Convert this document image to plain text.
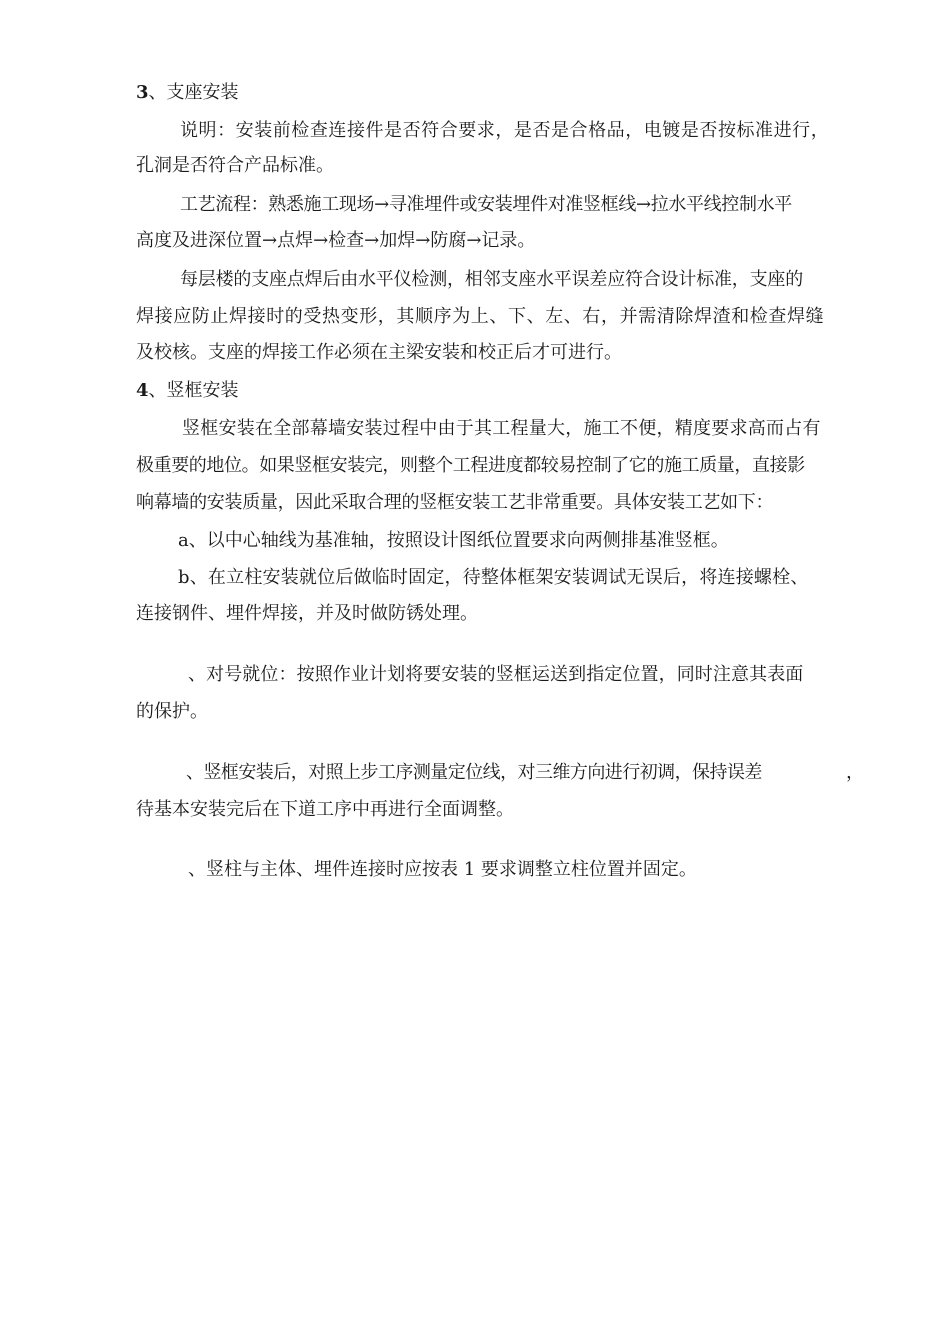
3、支座安装
说明：安装前检查连接件是否符合要求，是否是合格品，电镀是否按标准进行，
孔洞是否符合产品标准。
工艺流程：熟悉施工现场→寻准埋件或安装埋件对准竖框线→拉水平线控制水平
高度及进深位置→点焊→检查→加焊→防腐→记录。
每层楼的支座点焊后由水平仪检测，相邻支座水平误差应符合设计标准，支座的
焊接应防止焊接时的受热变形，其顺序为上、下、左、右，并需清除焊渣和检查焊缝
及校核。支座的焊接工作必须在主梁安装和校正后才可进行。
4、竖框安装
竖框安装在全部幕墙安装过程中由于其工程量大，施工不便，精度要求高而占有
极重要的地位。如果竖框安装完，则整个工程进度都较易控制了它的施工质量，直接影
响幕墙的安装质量，因此采取合理的竖框安装工艺非常重要。具体安装工艺如下：
a、以中心轴线为基准轴，按照设计图纸位置要求向两侧排基准竖框。
b、在立柱安装就位后做临时固定，待整体框架安装调试无误后，将连接螺栓、
连接钢件、埋件焊接，并及时做防锈处理。
、对号就位：按照作业计划将要安装的竖框运送到指定位置，同时注意其表面
的保护。
、竖框安装后，对照上步工序测量定位线，对三维方向进行初调，保持误差	，
待基本安装完后在下道工序中再进行全面调整。
、竖柱与主体、埋件连接时应按表 1 要求调整立柱位置并固定。
